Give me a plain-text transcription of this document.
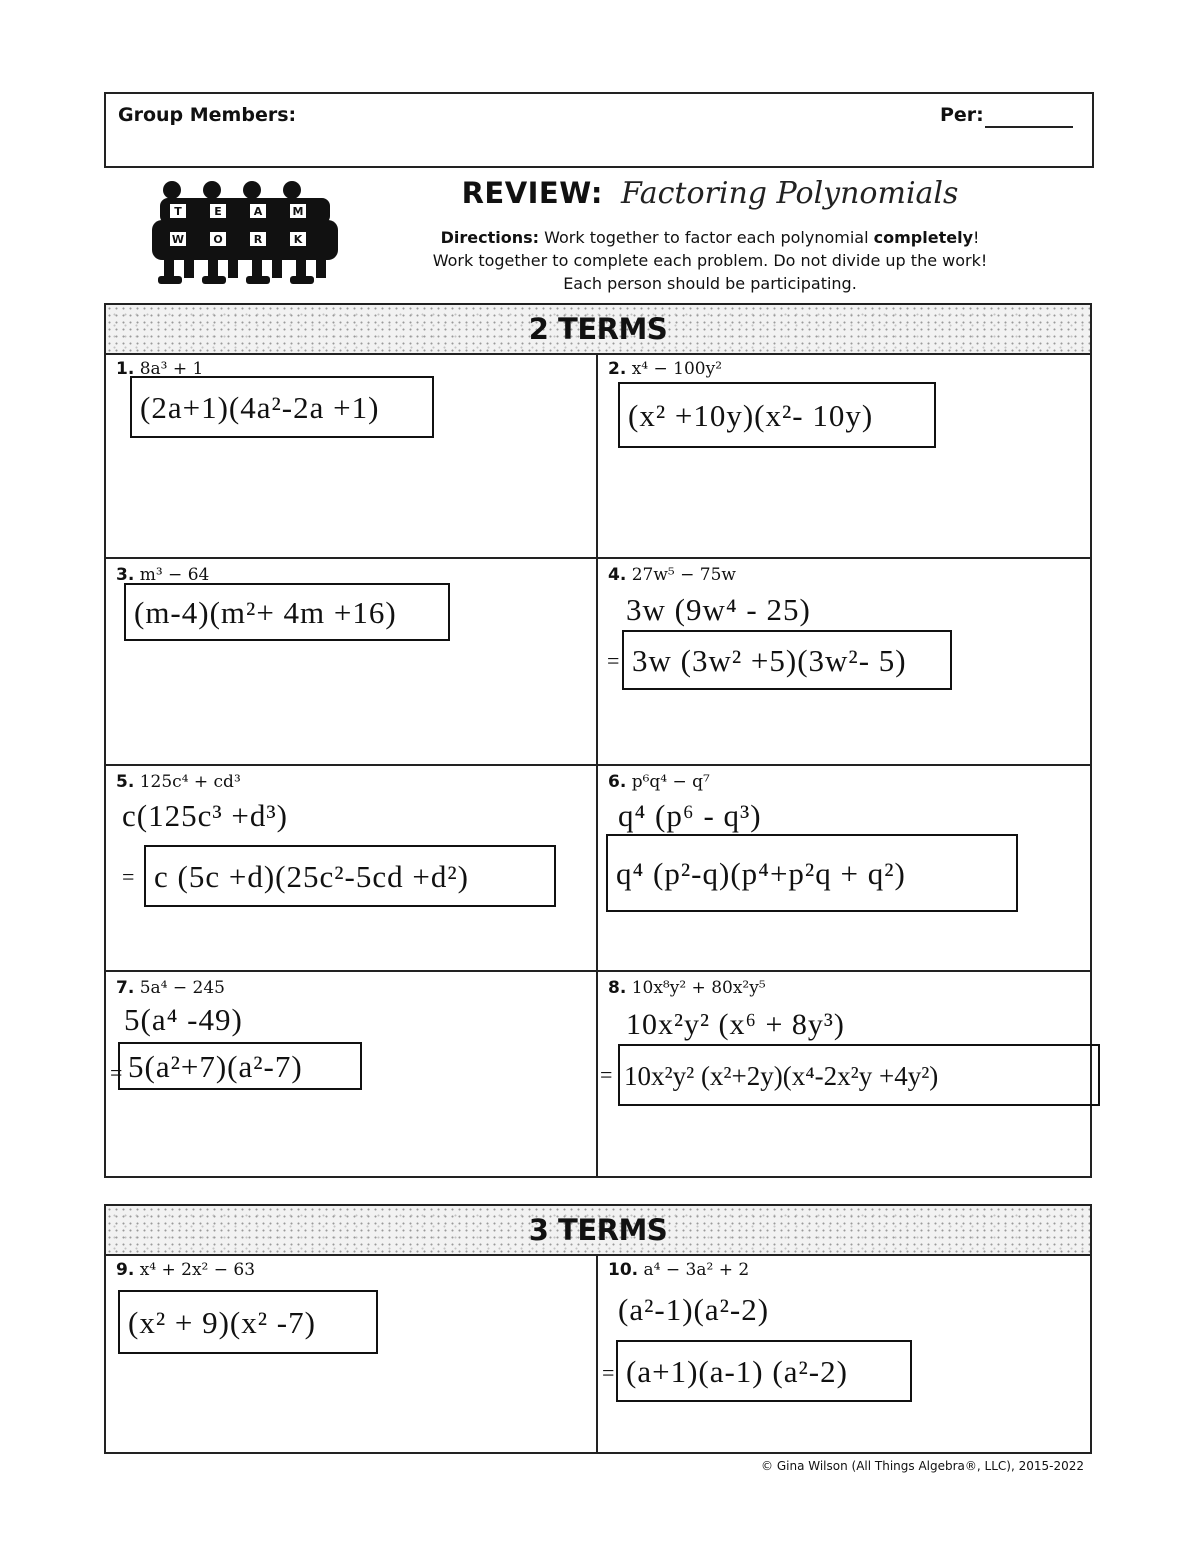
Group Members:	Per:
T	E	A	M
W	O	R	K
REVIEW: Factoring Polynomials
Directions: Work together to factor each polynomial completely!
Work together to complete each problem. Do not divide up the work!
Each person should be participating.
2 TERMS
3 TERMS
1. 8a³ + 1
(2a+1)(4a²-2a +1)
2. x⁴ − 100y²
(x² +10y)(x²- 10y)
3. m³ − 64
(m-4)(m²+ 4m +16)
4. 27w⁵ − 75w
3w (9w⁴ - 25)
= 3w (3w² +5)(3w²- 5)
5. 125c⁴ + cd³
c(125c³ +d³)
= c (5c +d)(25c²-5cd +d²)
6. p⁶q⁴ − q⁷
q⁴ (p⁶ - q³)
q⁴ (p²-q)(p⁴+p²q + q²)
7. 5a⁴ − 245
5(a⁴ -49)
= 5(a²+7)(a²-7)
8. 10x⁸y² + 80x²y⁵
10x²y² (x⁶ + 8y³)
= 10x²y² (x²+2y)(x⁴-2x²y +4y²)
9. x⁴ + 2x² − 63
(x² + 9)(x² -7)
10. a⁴ − 3a² + 2
(a²-1)(a²-2)
= (a+1)(a-1) (a²-2)
© Gina Wilson (All Things Algebra®, LLC), 2015-2022
